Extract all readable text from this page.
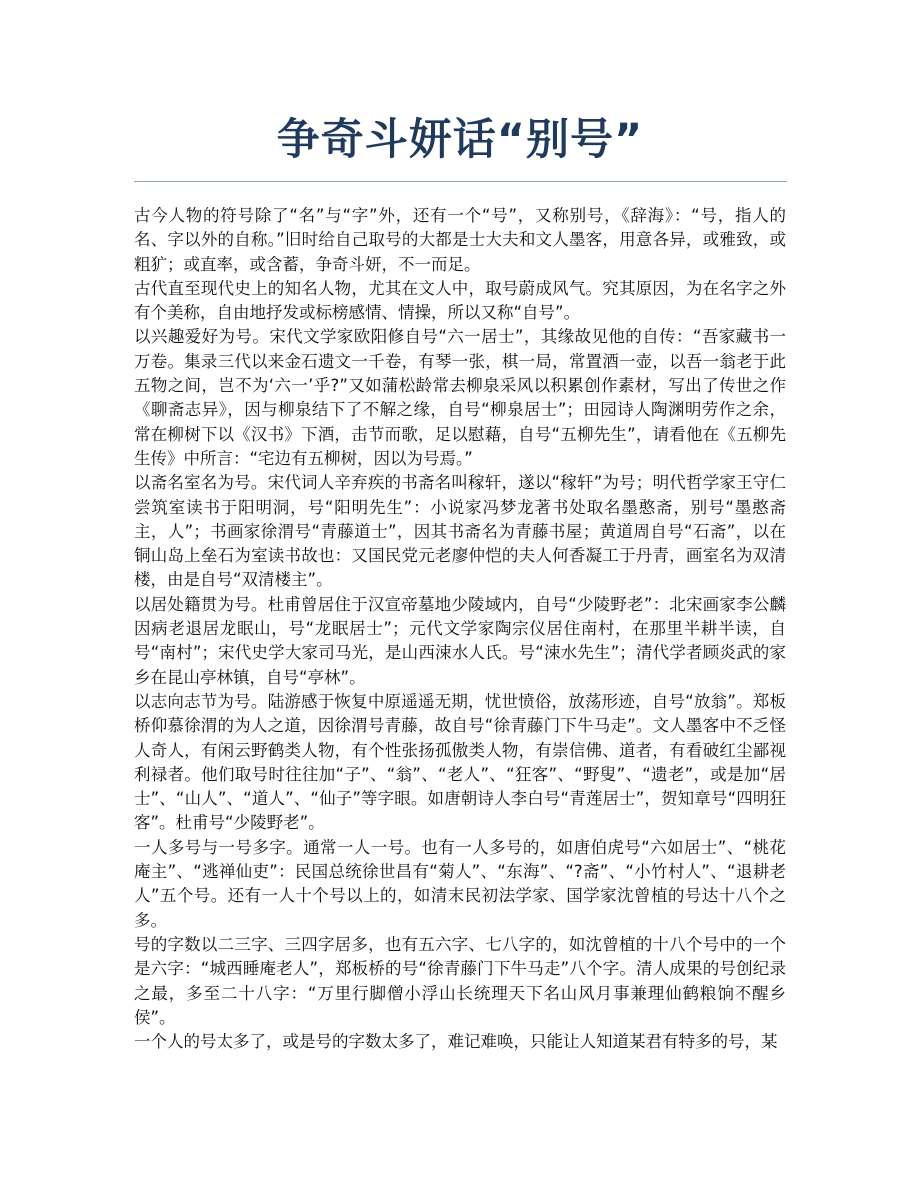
争奇斗妍话“别号”

古今人物的符号除了“名”与“字”外，还有一个“号”，又称别号，《辞海》：“号，指人的名、字以外的自称。”旧时给自己取号的大都是士大夫和文人墨客，用意各异，或雅致，或粗犷；或直率，或含蓄，争奇斗妍，不一而足。

古代直至现代史上的知名人物，尤其在文人中，取号蔚成风气。究其原因，为在名字之外有个美称，自由地抒发或标榜感情、情操，所以又称“自号”。

以兴趣爱好为号。宋代文学家欧阳修自号“六一居士”，其缘故见他的自传：“吾家藏书一万卷。集录三代以来金石遗文一千卷，有琴一张，棋一局，常置酒一壶，以吾一翁老于此五物之间，岂不为‘六一’乎?”又如蒲松龄常去柳泉采风以积累创作素材，写出了传世之作《聊斋志异》，因与柳泉结下了不解之缘，自号“柳泉居士”；田园诗人陶渊明劳作之余，常在柳树下以《汉书》下酒，击节而歌，足以慰藉，自号“五柳先生”，请看他在《五柳先生传》中所言：“宅边有五柳树，因以为号焉。”

以斋名室名为号。宋代词人辛弃疾的书斋名叫稼轩，遂以“稼轩”为号；明代哲学家王守仁尝筑室读书于阳明洞，号“阳明先生”：小说家冯梦龙著书处取名墨憨斋，别号“墨憨斋主，人”；书画家徐渭号“青藤道士”，因其书斋名为青藤书屋；黄道周自号“石斋”，以在铜山岛上垒石为室读书故也：又国民党元老廖仲恺的夫人何香凝工于丹青，画室名为双清楼，由是自号“双清楼主”。

以居处籍贯为号。杜甫曾居住于汉宣帝墓地少陵域内，自号“少陵野老”：北宋画家李公麟因病老退居龙眠山，号“龙眠居士”；元代文学家陶宗仪居住南村，在那里半耕半读，自号“南村”；宋代史学大家司马光，是山西涑水人氏。号“涑水先生”；清代学者顾炎武的家乡在昆山亭林镇，自号“亭林”。

以志向志节为号。陆游感于恢复中原遥遥无期，忧世愤俗，放荡形迹，自号“放翁”。郑板桥仰慕徐渭的为人之道，因徐渭号青藤，故自号“徐青藤门下牛马走”。文人墨客中不乏怪人奇人，有闲云野鹤类人物，有个性张扬孤傲类人物，有崇信佛、道者，有看破红尘鄙视利禄者。他们取号时往往加“子”、“翁”、“老人”、“狂客”、“野叟”、“遗老”，或是加“居士”、“山人”、“道人”、“仙子”等字眼。如唐朝诗人李白号“青莲居士”，贺知章号“四明狂客”。杜甫号“少陵野老”。

一人多号与一号多字。通常一人一号。也有一人多号的，如唐伯虎号“六如居士”、“桃花庵主”、“逃禅仙吏”：民国总统徐世昌有“菊人”、“东海”、“?斋”、“小竹村人”、“退耕老人”五个号。还有一人十个号以上的，如清末民初法学家、国学家沈曾植的号达十八个之多。

号的字数以二三字、三四字居多，也有五六字、七八字的，如沈曾植的十八个号中的一个是六字：“城西睡庵老人”，郑板桥的号“徐青藤门下牛马走”八个字。清人成果的号创纪录之最，多至二十八字：“万里行脚僧小浮山长统理天下名山风月事兼理仙鹤粮饷不醒乡侯”。

一个人的号太多了，或是号的字数太多了，难记难唤，只能让人知道某君有特多的号，某
